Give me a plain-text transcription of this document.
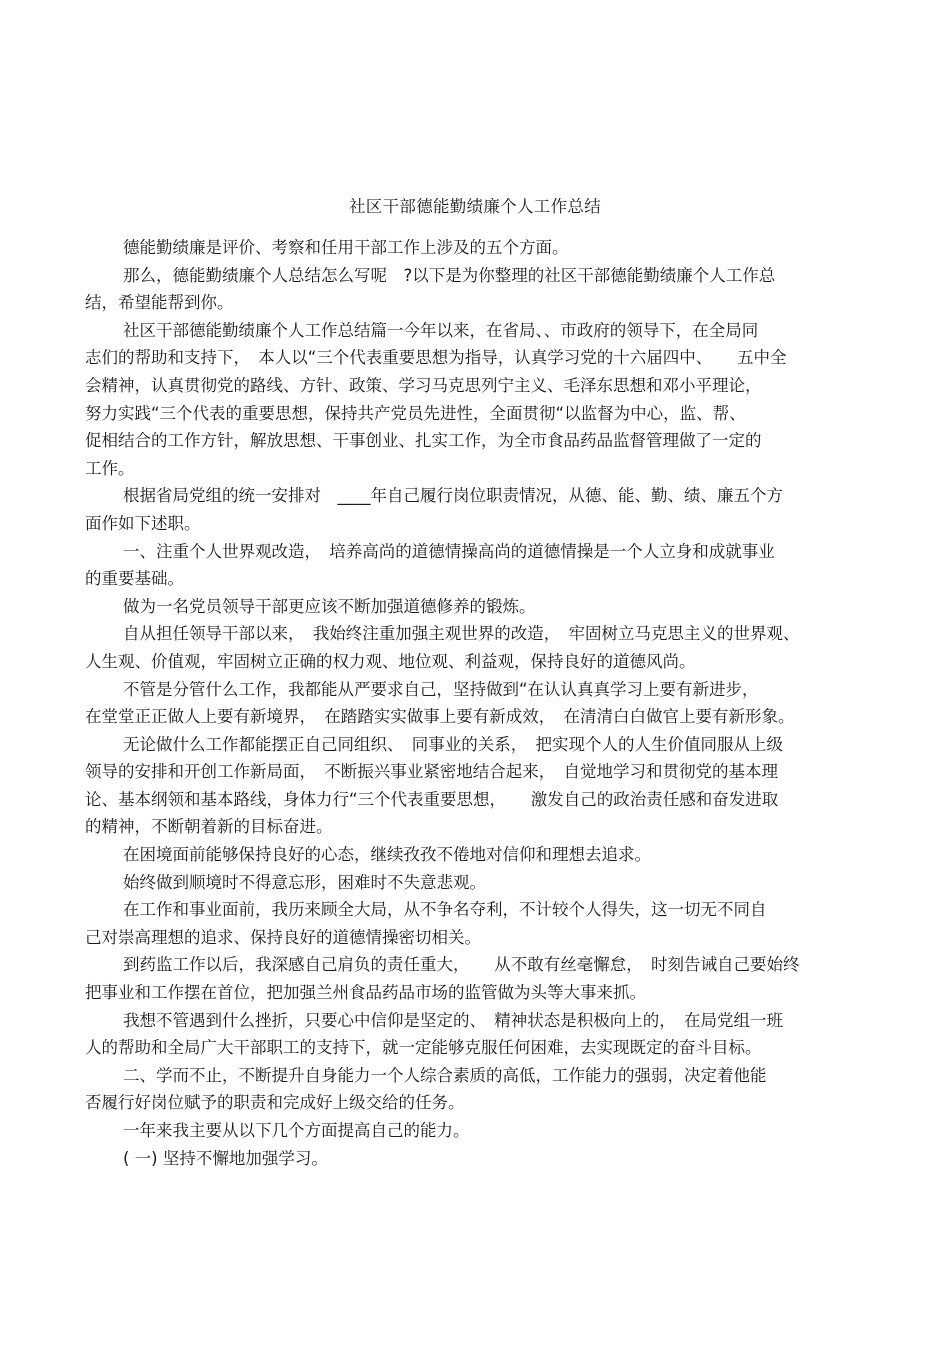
社区干部德能勤绩廉个人工作总结
德能勤绩廉是评价、考察和任用干部工作上涉及的五个方面。
那么，德能勤绩廉个人总结怎么写呢　?以下是为你整理的社区干部德能勤绩廉个人工作总
结，希望能帮到你。
社区干部德能勤绩廉个人工作总结篇一今年以来，在省局、、市政府的领导下，在全局同
志们的帮助和支持下，　本人以“三个代表重要思想为指导，认真学习党的十六届四中、　　五中全
会精神，认真贯彻党的路线、方针、政策、学习马克思列宁主义、毛泽东思想和邓小平理论，
努力实践“三个代表的重要思想，保持共产党员先进性，全面贯彻“以监督为中心，监、帮、
促相结合的工作方针，解放思想、干事创业、扎实工作，为全市食品药品监督管理做了一定的
工作。
根据省局党组的统一安排对　____年自己履行岗位职责情况，从德、能、勤、绩、廉五个方
面作如下述职。
一、注重个人世界观改造，　培养高尚的道德情操高尚的道德情操是一个人立身和成就事业
的重要基础。
做为一名党员领导干部更应该不断加强道德修养的锻炼。
自从担任领导干部以来，　我始终注重加强主观世界的改造，　牢固树立马克思主义的世界观、
人生观、价值观，牢固树立正确的权力观、地位观、利益观，保持良好的道德风尚。
不管是分管什么工作，我都能从严要求自己，坚持做到“在认认真真学习上要有新进步，
在堂堂正正做人上要有新境界，　在踏踏实实做事上要有新成效，　在清清白白做官上要有新形象。
无论做什么工作都能摆正自己同组织、　同事业的关系，　把实现个人的人生价值同服从上级
领导的安排和开创工作新局面，　不断振兴事业紧密地结合起来，　自觉地学习和贯彻党的基本理
论、基本纲领和基本路线，身体力行“三个代表重要思想，　　激发自己的政治责任感和奋发进取
的精神，不断朝着新的目标奋进。
在困境面前能够保持良好的心态，继续孜孜不倦地对信仰和理想去追求。
始终做到顺境时不得意忘形，困难时不失意悲观。
在工作和事业面前，我历来顾全大局，从不争名夺利，不计较个人得失，这一切无不同自
己对崇高理想的追求、保持良好的道德情操密切相关。
到药监工作以后，我深感自己肩负的责任重大，　　从不敢有丝毫懈怠，　时刻告诫自己要始终
把事业和工作摆在首位，把加强兰州食品药品市场的监管做为头等大事来抓。
我想不管遇到什么挫折，只要心中信仰是坚定的、　精神状态是积极向上的，　在局党组一班
人的帮助和全局广大干部职工的支持下，就一定能够克服任何困难，去实现既定的奋斗目标。
二、学而不止，不断提升自身能力一个人综合素质的高低，工作能力的强弱，决定着他能
否履行好岗位赋予的职责和完成好上级交给的任务。
一年来我主要从以下几个方面提高自己的能力。
( 一) 坚持不懈地加强学习。
